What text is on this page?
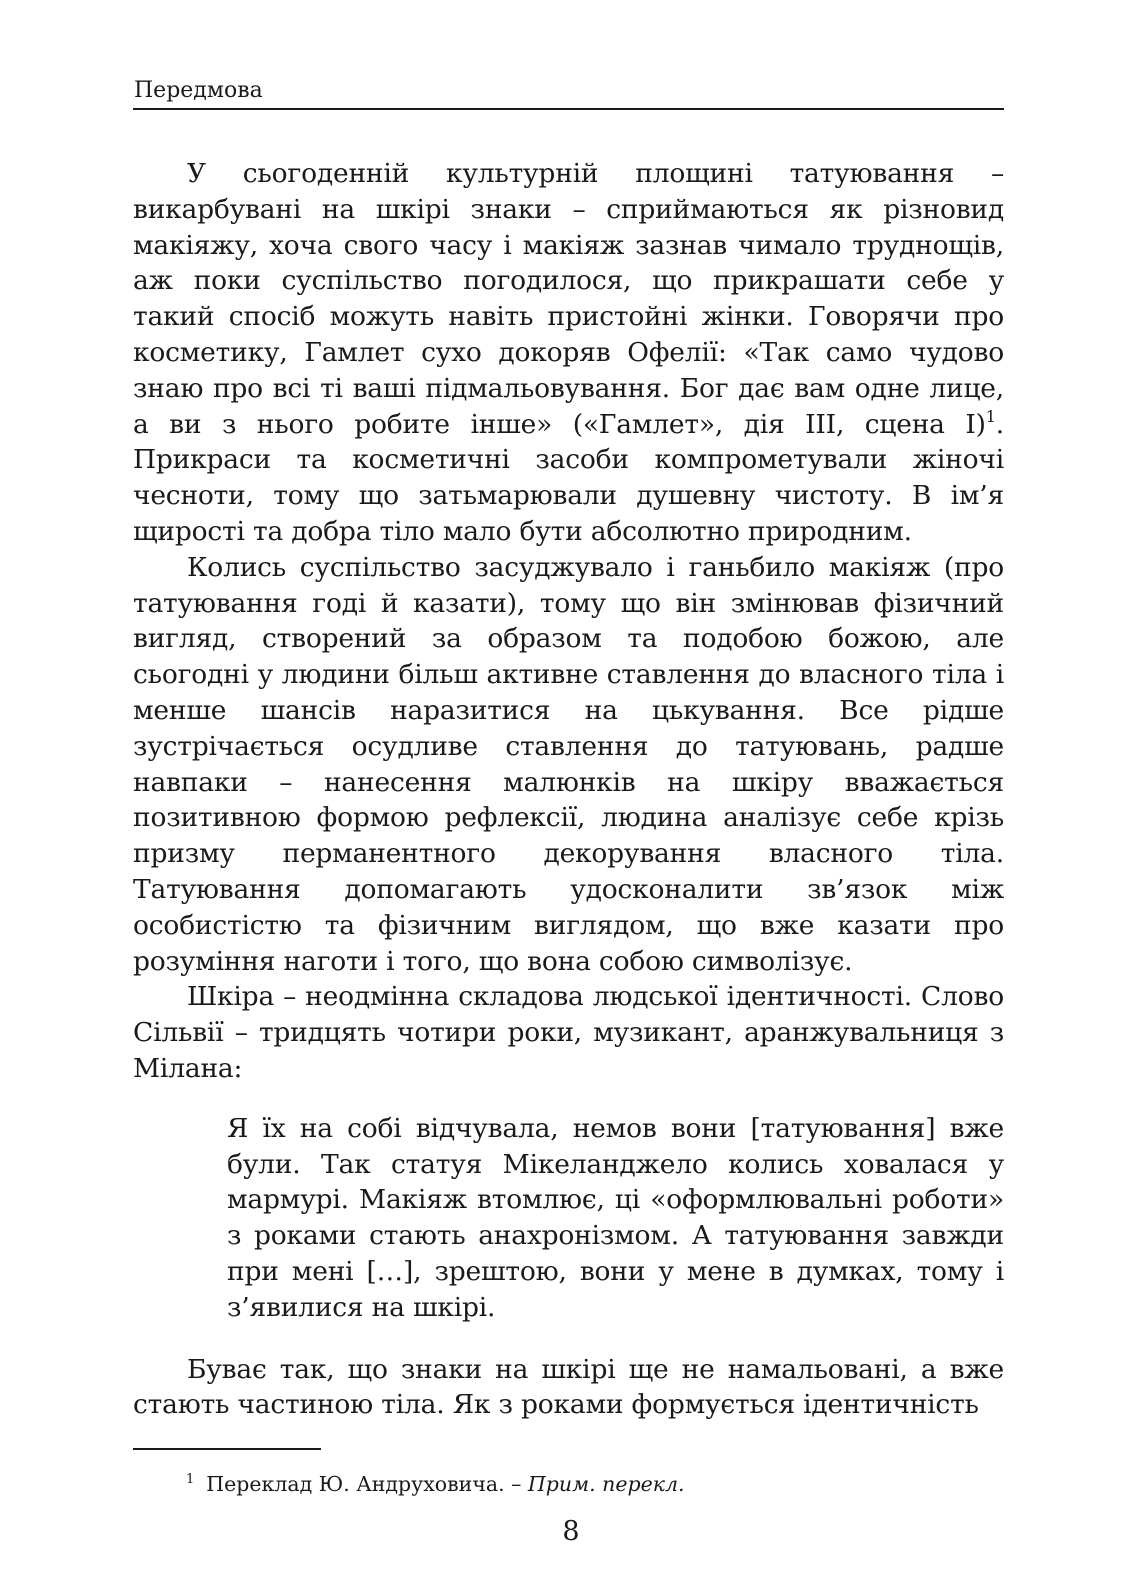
Передмова

У сьогоденній культурній площині татуювання – викарбувані на шкірі знаки – сприймаються як різновид макіяжу, хоча свого часу і макіяж зазнав чимало труднощів, аж поки суспільство погодилося, що прикрашати себе у такий спосіб можуть навіть пристойні жінки. Говорячи про косметику, Гамлет сухо докоряв Офелії: «Так само чудово знаю про всі ті ваші підмальовування. Бог дає вам одне лице, а ви з нього робите інше» («Гамлет», дія III, сцена I)$^1$. Прикраси та косметичні засоби компрометували жіночі чесноти, тому що затьмарювали душевну чистоту. В ім’я щирості та добра тіло мало бути абсолютно природним.

Колись суспільство засуджувало і ганьбило макіяж (про татуювання годі й казати), тому що він змінював фізичний вигляд, створений за образом та подобою божою, але сьогодні у людини більш активне ставлення до власного тіла і менше шансів наразитися на цькування. Все рідше зустрічається осудливе ставлення до татуювань, радше навпаки – нанесення малюнків на шкіру вважається позитивною формою рефлексії, людина аналізує себе крізь призму перманентного декорування власного тіла. Татуювання допомагають удосконалити зв’язок між особистістю та фізичним виглядом, що вже казати про розуміння наготи і того, що вона собою символізує.

Шкіра – неодмінна складова людської ідентичності. Слово Сільвії – тридцять чотири роки, музикант, аранжувальниця з Мілана:

Я їх на собі відчувала, немов вони [татуювання] вже були. Так статуя Мікеланджело колись ховалася у мармурі. Макіяж втомлює, ці «оформлювальні роботи» з роками стають анахронізмом. А татуювання завжди при мені […], зрештою, вони у мене в думках, тому і з’явилися на шкірі.

Буває так, що знаки на шкірі ще не намальовані, а вже стають частиною тіла. Як з роками формується ідентичність

$^1$ Переклад Ю. Андруховича. – Прим. перекл.
8
